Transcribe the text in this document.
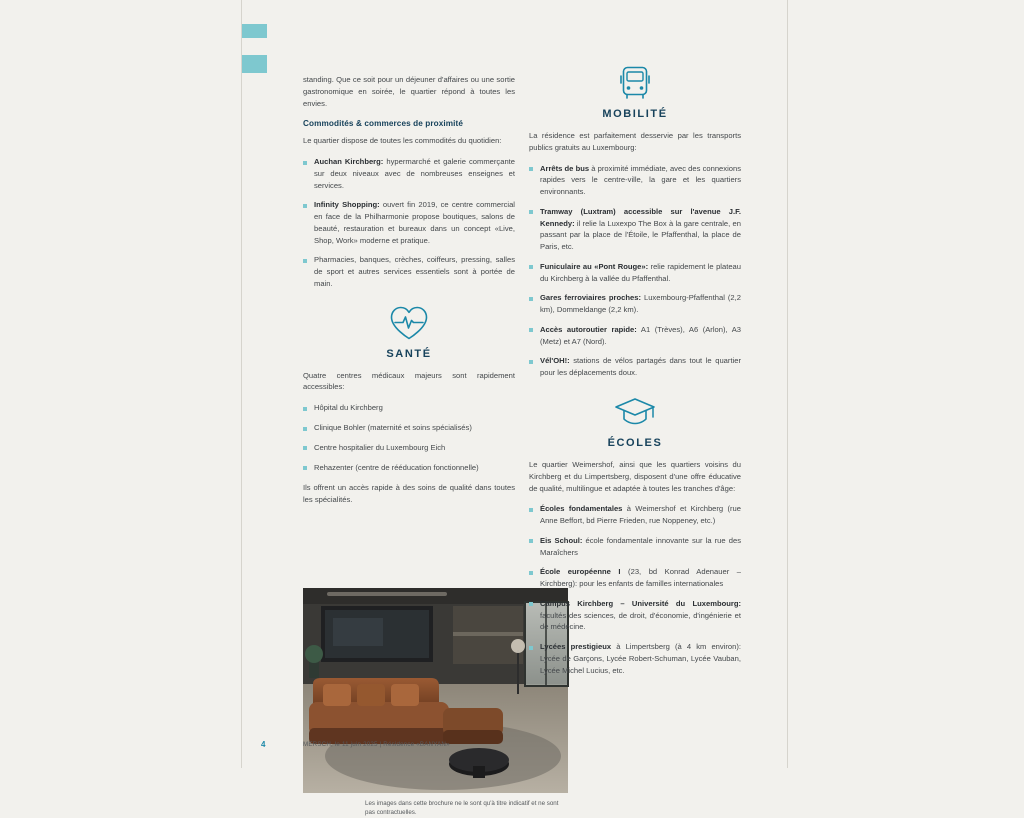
standing. Que ce soit pour un déjeuner d'affaires ou une sortie gastronomique en soirée, le quartier répond à toutes les envies.

Commodités & commerces de proximité

Le quartier dispose de toutes les commodités du quotidien:

Auchan Kirchberg: hypermarché et galerie commerçante sur deux niveaux avec de nombreuses enseignes et services.
Infinity Shopping: ouvert fin 2019, ce centre commercial en face de la Philharmonie propose boutiques, salons de beauté, restauration et bureaux dans un concept «Live, Shop, Work» moderne et pratique.
Pharmacies, banques, crèches, coiffeurs, pressing, salles de sport et autres services essentiels sont à portée de main.
SANTÉ

Quatre centres médicaux majeurs sont rapidement accessibles:

Hôpital du Kirchberg
Clinique Bohler (maternité et soins spécialisés)
Centre hospitalier du Luxembourg Eich
Rehazenter (centre de rééducation fonctionnelle)

Ils offrent un accès rapide à des soins de qualité dans toutes les spécialités.

Les images dans cette brochure ne le sont qu'à titre indicatif et ne sont pas contractuelles.
MOBILITÉ

La résidence est parfaitement desservie par les transports publics gratuits au Luxembourg:

Arrêts de bus à proximité immédiate, avec des connexions rapides vers le centre-ville, la gare et les quartiers environnants.
Tramway (Luxtram) accessible sur l'avenue J.F. Kennedy: il relie la Luxexpo The Box à la gare centrale, en passant par la place de l'Étoile, le Pfaffenthal, la place de Paris, etc.
Funiculaire au «Pont Rouge»: relie rapidement le plateau du Kirchberg à la vallée du Pfaffenthal.
Gares ferroviaires proches: Luxembourg-Pfaffenthal (2,2 km), Dommeldange (2,2 km).
Accès autoroutier rapide: A1 (Trèves), A6 (Arlon), A3 (Metz) et A7 (Nord).
Vél'OH!: stations de vélos partagés dans tout le quartier pour les déplacements doux.
ÉCOLES

Le quartier Weimershof, ainsi que les quartiers voisins du Kirchberg et du Limpertsberg, disposent d'une offre éducative de qualité, multilingue et adaptée à toutes les tranches d'âge:

Écoles fondamentales à Weimershof et Kirchberg (rue Anne Beffort, bd Pierre Frieden, rue Noppeney, etc.)
Eis Schoul: école fondamentale innovante sur la rue des Maraîchers
École européenne I (23, bd Konrad Adenauer – Kirchberg): pour les enfants de familles internationales
Campus Kirchberg – Université du Luxembourg: facultés des sciences, de droit, d'économie, d'ingénierie et de médecine.
Lycées prestigieux à Limpertsberg (à 4 km environ): Lycée de Garçons, Lycée Robert-Schuman, Lycée Vauban, Lycée Michel Lucius, etc.
4	MERSCH, le 11 juin 2025 | Résidence «BANYAN»
